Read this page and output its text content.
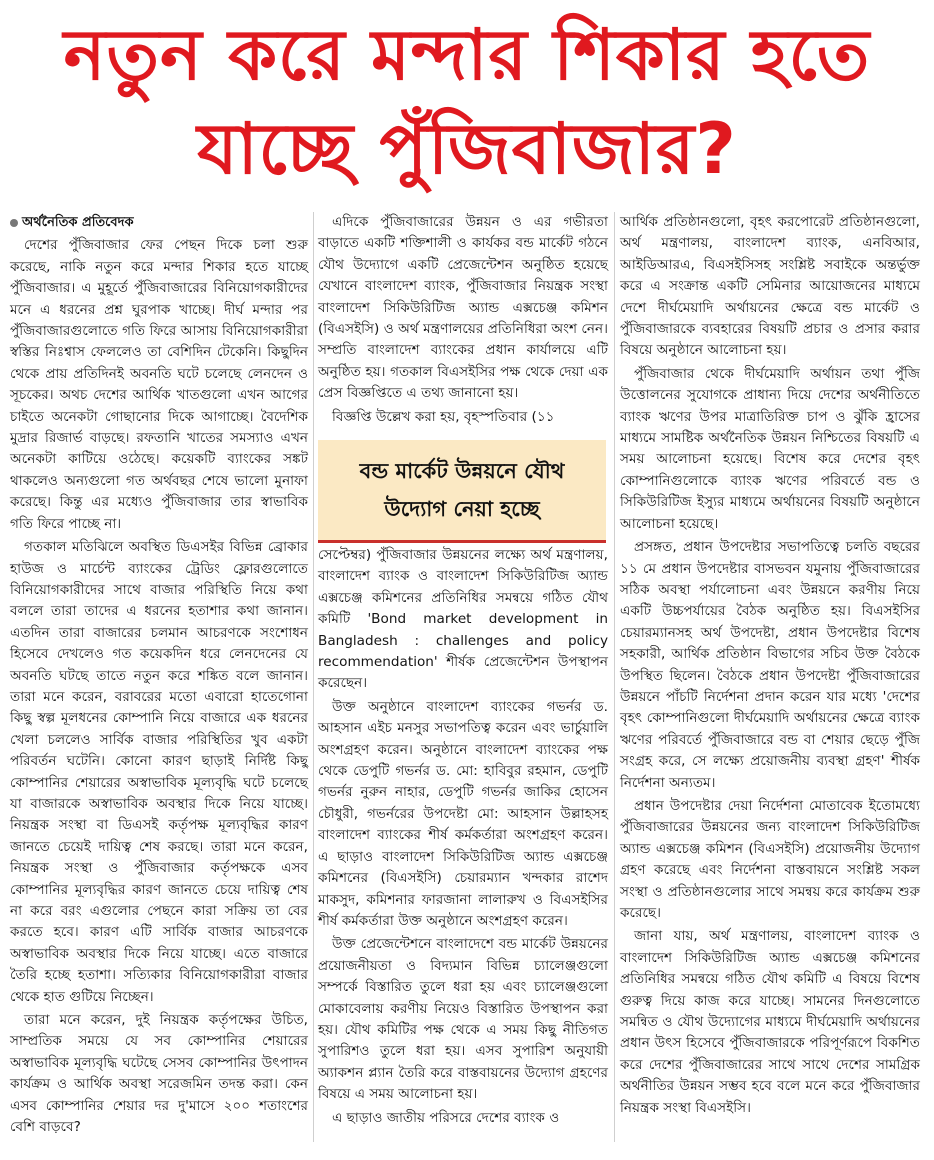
নতুন করে মন্দার শিকার হতে
যাচ্ছে পুঁজিবাজার?
অর্থনৈতিক প্রতিবেদক

দেশের পুঁজিবাজার ফের পেছন দিকে চলা শুরু করেছে, নাকি নতুন করে মন্দার শিকার হতে যাচ্ছে পুঁজিবাজার। এ মুহূর্তে পুঁজিবাজারের বিনিয়োগকারীদের মনে এ ধরনের প্রশ্ন ঘুরপাক খাচ্ছে। দীর্ঘ মন্দার পর পুঁজিবাজারগুলোতে গতি ফিরে আসায় বিনিয়োগকারীরা স্বস্তির নিঃশ্বাস ফেললেও তা বেশিদিন টেকেনি। কিছুদিন থেকে প্রায় প্রতিদিনই অবনতি ঘটে চলেছে লেনদেন ও সূচকের। অথচ দেশের আর্থিক খাতগুলো এখন আগের চাইতে অনেকটা গোছানোর দিকে আগাচ্ছে। বৈদেশিক মুদ্রার রিজার্ভ বাড়ছে। রফতানি খাতের সমস্যাও এখন অনেকটা কাটিয়ে ওঠেছে। কয়েকটি ব্যাংকের সঙ্কট থাকলেও অন্যগুলো গত অর্থবছর শেষে ভালো মুনাফা করেছে। কিন্তু এর মধ্যেও পুঁজিবাজার তার স্বাভাবিক গতি ফিরে পাচ্ছে না।

গতকাল মতিঝিলে অবস্থিত ডিএসইর বিভিন্ন ব্রোকার হাউজ ও মার্চেন্ট ব্যাংকের ট্রেডিং ফ্লোরগুলোতে বিনিয়োগকারীদের সাথে বাজার পরিস্থিতি নিয়ে কথা বললে তারা তাদের এ ধরনের হতাশার কথা জানান। এতদিন তারা বাজারের চলমান আচরণকে সংশোধন হিসেবে দেখলেও গত কয়েকদিন ধরে লেনদেনের যে অবনতি ঘটছে তাতে নতুন করে শঙ্কিত বলে জানান। তারা মনে করেন, বরাবরের মতো এবারো হাতেগোনা কিছু স্বল্প মূলধনের কোম্পানি নিয়ে বাজারে এক ধরনের খেলা চললেও সার্বিক বাজার পরিস্থিতির খুব একটা পরিবর্তন ঘটেনি। কোনো কারণ ছাড়াই নির্দিষ্ট কিছু কোম্পানির শেয়ারের অস্বাভাবিক মূল্যবৃদ্ধি ঘটে চলেছে যা বাজারকে অস্বাভাবিক অবস্থার দিকে নিয়ে যাচ্ছে। নিয়ন্ত্রক সংস্থা বা ডিএসই কর্তৃপক্ষ মূল্যবৃদ্ধির কারণ জানতে চেয়েই দায়িত্ব শেষ করছে। তারা মনে করেন, নিয়ন্ত্রক সংস্থা ও পুঁজিবাজার কর্তৃপক্ষকে এসব কোম্পানির মূল্যবৃদ্ধির কারণ জানতে চেয়ে দায়িত্ব শেষ না করে বরং এগুলোর পেছনে কারা সক্রিয় তা বের করতে হবে। কারণ এটি সার্বিক বাজার আচরণকে অস্বাভাবিক অবস্থার দিকে নিয়ে যাচ্ছে। এতে বাজারে তৈরি হচ্ছে হতাশা। সত্যিকার বিনিয়োগকারীরা বাজার থেকে হাত গুটিয়ে নিচ্ছেন।

তারা মনে করেন, দুই নিয়ন্ত্রক কর্তৃপক্ষের উচিত, সাম্প্রতিক সময়ে যে সব কোম্পানির শেয়ারের অস্বাভাবিক মূল্যবৃদ্ধি ঘটেছে সেসব কোম্পানির উৎপাদন কার্যক্রম ও আর্থিক অবস্থা সরেজমিন তদন্ত করা। কেন এসব কোম্পানির শেয়ার দর দু'মাসে ২০০ শতাংশের বেশি বাড়বে?

এদিকে পুঁজিবাজারের উন্নয়ন ও এর গভীরতা বাড়াতে একটি শক্তিশালী ও কার্যকর বন্ড মার্কেট গঠনে যৌথ উদ্যোগে একটি প্রেজেন্টেশন অনুষ্ঠিত হয়েছে যেখানে বাংলাদেশ ব্যাংক, পুঁজিবাজার নিয়ন্ত্রক সংস্থা বাংলাদেশ সিকিউরিটিজ অ্যান্ড এক্সচেঞ্জ কমিশন (বিএসইসি) ও অর্থ মন্ত্রণালয়ের প্রতিনিধিরা অংশ নেন। সম্প্রতি বাংলাদেশ ব্যাংকের প্রধান কার্যালয়ে এটি অনুষ্ঠিত হয়। গতকাল বিএসইসির পক্ষ থেকে দেয়া এক প্রেস বিজ্ঞপ্তিতে এ তথ্য জানানো হয়।

বিজ্ঞপ্তি উল্লেখ করা হয়, বৃহস্পতিবার (১১

বন্ড মার্কেট উন্নয়নে যৌথ উদ্যোগ নেয়া হচ্ছে

সেপ্টেম্বর) পুঁজিবাজার উন্নয়নের লক্ষ্যে অর্থ মন্ত্রণালয়, বাংলাদেশ ব্যাংক ও বাংলাদেশ সিকিউরিটিজ অ্যান্ড এক্সচেঞ্জ কমিশনের প্রতিনিধির সমন্বয়ে গঠিত যৌথ কমিটি 'Bond market development in Bangladesh : challenges and policy recommendation' শীর্ষক প্রেজেন্টেশন উপস্থাপন করেছেন।

উক্ত অনুষ্ঠানে বাংলাদেশ ব্যাংকের গভর্নর ড. আহসান এইচ মনসুর সভাপতিত্ব করেন এবং ভার্চুয়ালি অংশগ্রহণ করেন। অনুষ্ঠানে বাংলাদেশ ব্যাংকের পক্ষ থেকে ডেপুটি গভর্নর ড. মো: হাবিবুর রহমান, ডেপুটি গভর্নর নুরুন নাহার, ডেপুটি গভর্নর জাকির হোসেন চৌধুরী, গভর্নরের উপদেষ্টা মো: আহসান উল্লাহসহ বাংলাদেশ ব্যাংকের শীর্ষ কর্মকর্তারা অংশগ্রহণ করেন। এ ছাড়াও বাংলাদেশ সিকিউরিটিজ অ্যান্ড এক্সচেঞ্জ কমিশনের (বিএসইসি) চেয়ারম্যান খন্দকার রাশেদ মাকসুদ, কমিশনার ফারজানা লালারুখ ও বিএসইসির শীর্ষ কর্মকর্তারা উক্ত অনুষ্ঠানে অংশগ্রহণ করেন।

উক্ত প্রেজেন্টেশনে বাংলাদেশে বন্ড মার্কেট উন্নয়নের প্রয়োজনীয়তা ও বিদ্যমান বিভিন্ন চ্যালেঞ্জগুলো সম্পর্কে বিস্তারিত তুলে ধরা হয় এবং চ্যালেঞ্জগুলো মোকাবেলায় করণীয় নিয়েও বিস্তারিত উপস্থাপন করা হয়। যৌথ কমিটির পক্ষ থেকে এ সময় কিছু নীতিগত সুপারিশও তুলে ধরা হয়। এসব সুপারিশ অনুযায়ী অ্যাকশন প্ল্যান তৈরি করে বাস্তবায়নের উদ্যোগ গ্রহণের বিষয়ে এ সময় আলোচনা হয়।

এ ছাড়াও জাতীয় পরিসরে দেশের ব্যাংক ও

আর্থিক প্রতিষ্ঠানগুলো, বৃহৎ করপোরেট প্রতিষ্ঠানগুলো, অর্থ মন্ত্রণালয়, বাংলাদেশ ব্যাংক, এনবিআর, আইডিআরএ, বিএসইসিসহ সংশ্লিষ্ট সবাইকে অন্তর্ভুক্ত করে এ সংক্রান্ত একটি সেমিনার আয়োজনের মাধ্যমে দেশে দীর্ঘমেয়াদি অর্থায়নের ক্ষেত্রে বন্ড মার্কেট ও পুঁজিবাজারকে ব্যবহারের বিষয়টি প্রচার ও প্রসার করার বিষয়ে অনুষ্ঠানে আলোচনা হয়।

পুঁজিবাজার থেকে দীর্ঘমেয়াদি অর্থায়ন তথা পুঁজি উত্তোলনের সুযোগকে প্রাধান্য দিয়ে দেশের অর্থনীতিতে ব্যাংক ঋণের উপর মাত্রাতিরিক্ত চাপ ও ঝুঁকি হ্রাসের মাধ্যমে সামষ্টিক অর্থনৈতিক উন্নয়ন নিশ্চিতের বিষয়টি এ সময় আলোচনা হয়েছে। বিশেষ করে দেশের বৃহৎ কোম্পানিগুলোকে ব্যাংক ঋণের পরিবর্তে বন্ড ও সিকিউরিটিজ ইস্যুর মাধ্যমে অর্থায়নের বিষয়টি অনুষ্ঠানে আলোচনা হয়েছে।

প্রসঙ্গত, প্রধান উপদেষ্টার সভাপতিত্বে চলতি বছরের ১১ মে প্রধান উপদেষ্টার বাসভবন যমুনায় পুঁজিবাজারের সঠিক অবস্থা পর্যালোচনা এবং উন্নয়নে করণীয় নিয়ে একটি উচ্চপর্যায়ের বৈঠক অনুষ্ঠিত হয়। বিএসইসির চেয়ারম্যানসহ অর্থ উপদেষ্টা, প্রধান উপদেষ্টার বিশেষ সহকারী, আর্থিক প্রতিষ্ঠান বিভাগের সচিব উক্ত বৈঠকে উপস্থিত ছিলেন। বৈঠকে প্রধান উপদেষ্টা পুঁজিবাজারের উন্নয়নে পাঁচটি নির্দেশনা প্রদান করেন যার মধ্যে 'দেশের বৃহৎ কোম্পানিগুলো দীর্ঘমেয়াদি অর্থায়নের ক্ষেত্রে ব্যাংক ঋণের পরিবর্তে পুঁজিবাজারে বন্ড বা শেয়ার ছেড়ে পুঁজি সংগ্রহ করে, সে লক্ষ্যে প্রয়োজনীয় ব্যবস্থা গ্রহণ' শীর্ষক নির্দেশনা অন্যতম।

প্রধান উপদেষ্টার দেয়া নির্দেশনা মোতাবেক ইতোমধ্যে পুঁজিবাজারের উন্নয়নের জন্য বাংলাদেশ সিকিউরিটিজ অ্যান্ড এক্সচেঞ্জ কমিশন (বিএসইসি) প্রয়োজনীয় উদ্যোগ গ্রহণ করেছে এবং নির্দেশনা বাস্তবায়নে সংশ্লিষ্ট সকল সংস্থা ও প্রতিষ্ঠানগুলোর সাথে সমন্বয় করে কার্যক্রম শুরু করেছে।

জানা যায়, অর্থ মন্ত্রণালয়, বাংলাদেশ ব্যাংক ও বাংলাদেশ সিকিউরিটিজ অ্যান্ড এক্সচেঞ্জ কমিশনের প্রতিনিধির সমন্বয়ে গঠিত যৌথ কমিটি এ বিষয়ে বিশেষ গুরুত্ব দিয়ে কাজ করে যাচ্ছে। সামনের দিনগুলোতে সমন্বিত ও যৌথ উদ্যোগের মাধ্যমে দীর্ঘমেয়াদি অর্থায়নের প্রধান উৎস হিসেবে পুঁজিবাজারকে পরিপূর্ণরূপে বিকশিত করে দেশের পুঁজিবাজারের সাথে সাথে দেশের সামগ্রিক অর্থনীতির উন্নয়ন সম্ভব হবে বলে মনে করে পুঁজিবাজার নিয়ন্ত্রক সংস্থা বিএসইসি।
